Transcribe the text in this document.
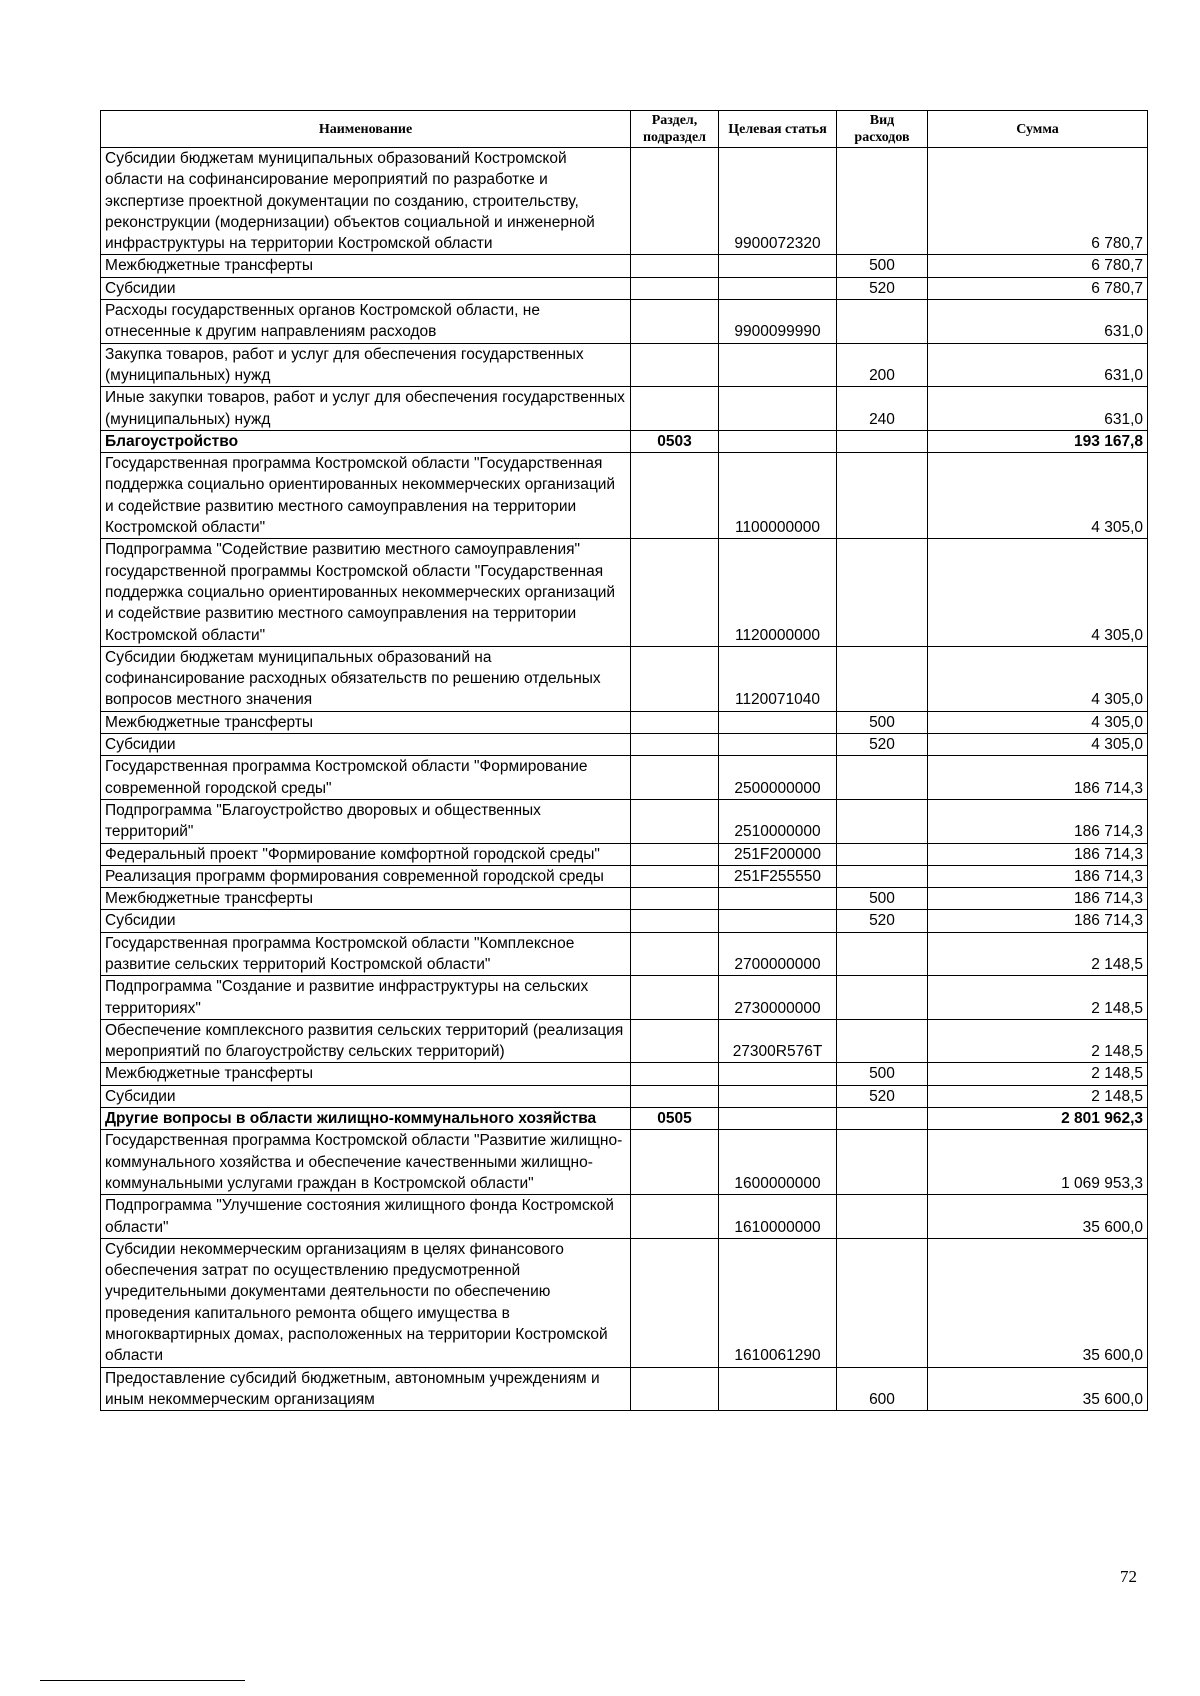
Наименование	Раздел, подраздел	Целевая статья	Вид расходов	Сумма
Субсидии бюджетам муниципальных образований Костромской области на софинансирование мероприятий по разработке и экспертизе проектной документации по созданию, строительству, реконструкции (модернизации) объектов социальной и инженерной инфраструктуры на территории Костромской области		9900072320		6 780,7
Межбюджетные трансферты			500	6 780,7
Субсидии			520	6 780,7
Расходы государственных органов Костромской области, не отнесенные к другим направлениям расходов		9900099990		631,0
Закупка товаров, работ и услуг для обеспечения государственных (муниципальных) нужд			200	631,0
Иные закупки товаров, работ и услуг для обеспечения государственных (муниципальных) нужд			240	631,0
Благоустройство	0503			193 167,8
Государственная программа Костромской области "Государственная поддержка социально ориентированных некоммерческих организаций и содействие развитию местного самоуправления на территории Костромской области"		1100000000		4 305,0
Подпрограмма "Содействие развитию местного самоуправления" государственной программы Костромской области "Государственная поддержка социально ориентированных некоммерческих организаций и содействие развитию местного самоуправления на территории Костромской области"		1120000000		4 305,0
Субсидии бюджетам муниципальных образований на софинансирование расходных обязательств по решению отдельных вопросов местного значения		1120071040		4 305,0
Межбюджетные трансферты			500	4 305,0
Субсидии			520	4 305,0
Государственная программа Костромской области "Формирование современной городской среды"		2500000000		186 714,3
Подпрограмма "Благоустройство дворовых и общественных территорий"		2510000000		186 714,3
Федеральный проект "Формирование комфортной городской среды"		251F200000		186 714,3
Реализация программ формирования современной городской среды		251F255550		186 714,3
Межбюджетные трансферты			500	186 714,3
Субсидии			520	186 714,3
Государственная программа Костромской области "Комплексное развитие сельских территорий Костромской области"		2700000000		2 148,5
Подпрограмма "Создание и развитие инфраструктуры на сельских территориях"		2730000000		2 148,5
Обеспечение комплексного развития сельских территорий (реализация мероприятий по благоустройству сельских территорий)		27300R576T		2 148,5
Межбюджетные трансферты			500	2 148,5
Субсидии			520	2 148,5
Другие вопросы в области жилищно-коммунального хозяйства	0505			2 801 962,3
Государственная программа Костромской области "Развитие жилищно-коммунального хозяйства и обеспечение качественными жилищно-коммунальными услугами граждан в Костромской области"		1600000000		1 069 953,3
Подпрограмма "Улучшение состояния жилищного фонда Костромской области"		1610000000		35 600,0
Субсидии некоммерческим организациям в целях финансового обеспечения затрат по осуществлению предусмотренной учредительными документами деятельности по обеспечению проведения капитального ремонта общего имущества в многоквартирных домах, расположенных на территории Костромской области		1610061290		35 600,0
Предоставление субсидий бюджетным, автономным учреждениям и иным некоммерческим организациям			600	35 600,0
72
